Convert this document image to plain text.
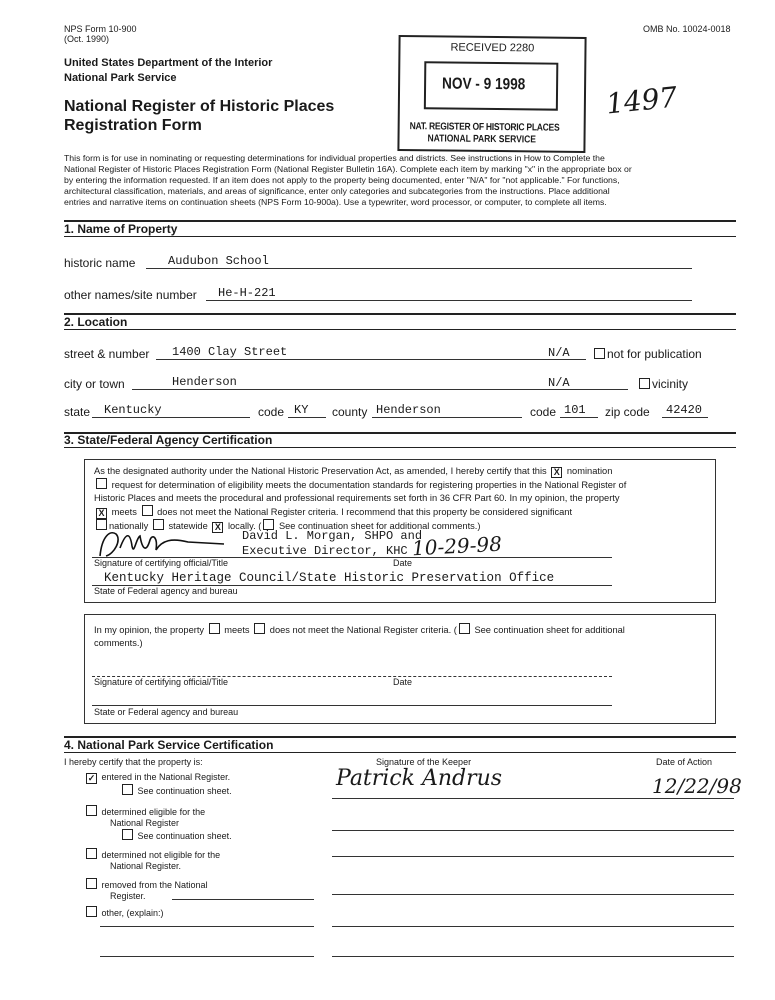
NPS Form 10-900
(Oct. 1990)
OMB No. 10024-0018
United States Department of the Interior
National Park Service
National Register of Historic Places
Registration Form
RECEIVED 2280
NOV - 9 1998
NAT. REGISTER OF HISTORIC PLACES
NATIONAL PARK SERVICE
1497
This form is for use in nominating or requesting determinations for individual properties and districts. See instructions in How to Complete the
National Register of Historic Places Registration Form (National Register Bulletin 16A). Complete each item by marking "x" in the appropriate box or
by entering the information requested. If an item does not apply to the property being documented, enter "N/A" for "not applicable." For functions,
architectural classification, materials, and areas of significance, enter only categories and subcategories from the instructions. Place additional
entries and narrative items on continuation sheets (NPS Form 10-900a). Use a typewriter, word processor, or computer, to complete all items.
1. Name of Property
historic name	Audubon School
other names/site number He-H-221
2. Location
street & number 1400 Clay Street	N/A	not for publication
city or town	Henderson	N/A	vicinity
state Kentucky	code KY county Henderson	code 101 zip code 42420
3. State/Federal Agency Certification
As the designated authority under the National Historic Preservation Act, as amended, I hereby certify that this X nomination
request for determination of eligibility meets the documentation standards for registering properties in the National Register of
Historic Places and meets the procedural and professional requirements set forth in 36 CFR Part 60. In my opinion, the property
X meets does not meet the National Register criteria. I recommend that this property be considered significant
nationally statewide X locally. ( See continuation sheet for additional comments.)
David L. Morgan, SHPO and
Executive Director, KHC 10-29-98
Signature of certifying official/Title	Date
Kentucky Heritage Council/State Historic Preservation Office
State of Federal agency and bureau
In my opinion, the property meets does not meet the National Register criteria. ( See continuation sheet for additional
comments.)
Signature of certifying official/Title	Date
State or Federal agency and bureau
4. National Park Service Certification
I hereby certify that the property is:	Signature of the Keeper	Date of Action
Patrick Andrus	12/22/98
✓ entered in the National Register.
See continuation sheet.
determined eligible for the
National Register
See continuation sheet.
determined not eligible for the
National Register.
removed from the National
Register.
other, (explain:)
